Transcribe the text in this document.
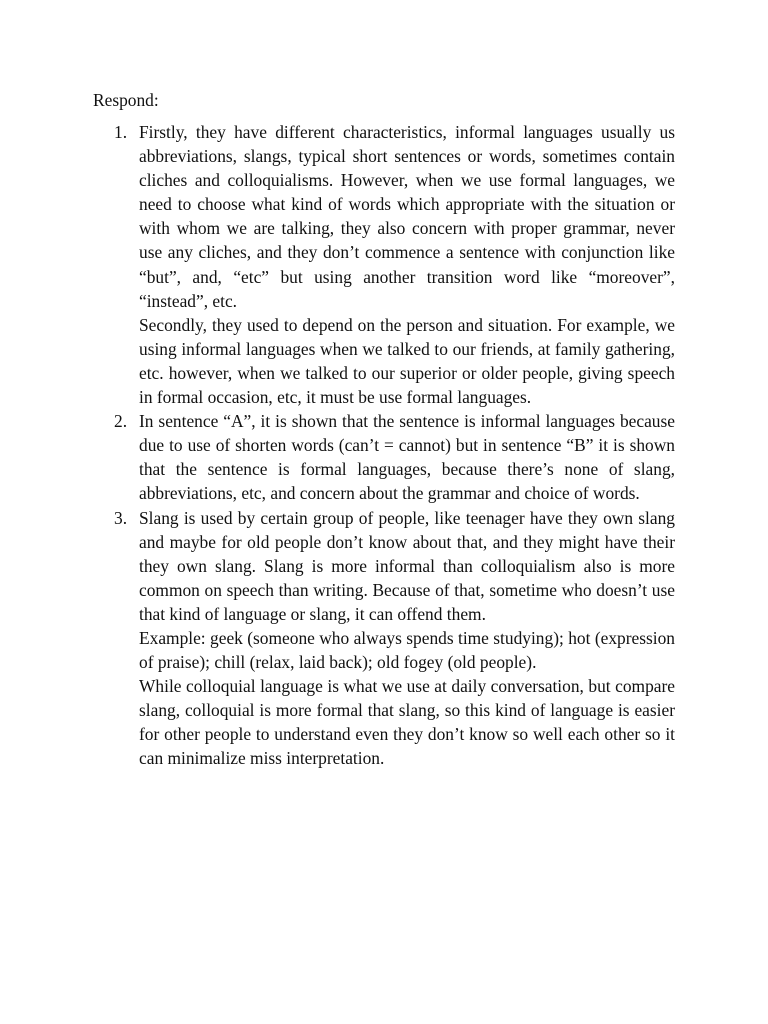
Respond:
1. Firstly, they have different characteristics, informal languages usually us abbreviations, slangs, typical short sentences or words, sometimes contain cliches and colloquialisms. However, when we use formal languages, we need to choose what kind of words which appropriate with the situation or with whom we are talking, they also concern with proper grammar, never use any cliches, and they don’t commence a sentence with conjunction like “but”, and, “etc” but using another transition word like “moreover”, “instead”, etc.

Secondly, they used to depend on the person and situation. For example, we using informal languages when we talked to our friends, at family gathering, etc. however, when we talked to our superior or older people, giving speech in formal occasion, etc, it must be use formal languages.

2. In sentence “A”, it is shown that the sentence is informal languages because due to use of shorten words (can’t = cannot) but in sentence “B” it is shown that the sentence is formal languages, because there’s none of slang, abbreviations, etc, and concern about the grammar and choice of words.

3. Slang is used by certain group of people, like teenager have they own slang and maybe for old people don’t know about that, and they might have their they own slang. Slang is more informal than colloquialism also is more common on speech than writing. Because of that, sometime who doesn’t use that kind of language or slang, it can offend them.

Example: geek (someone who always spends time studying); hot (expression of praise); chill (relax, laid back); old fogey (old people).

While colloquial language is what we use at daily conversation, but compare slang, colloquial is more formal that slang, so this kind of language is easier for other people to understand even they don’t know so well each other so it can minimalize miss interpretation.
